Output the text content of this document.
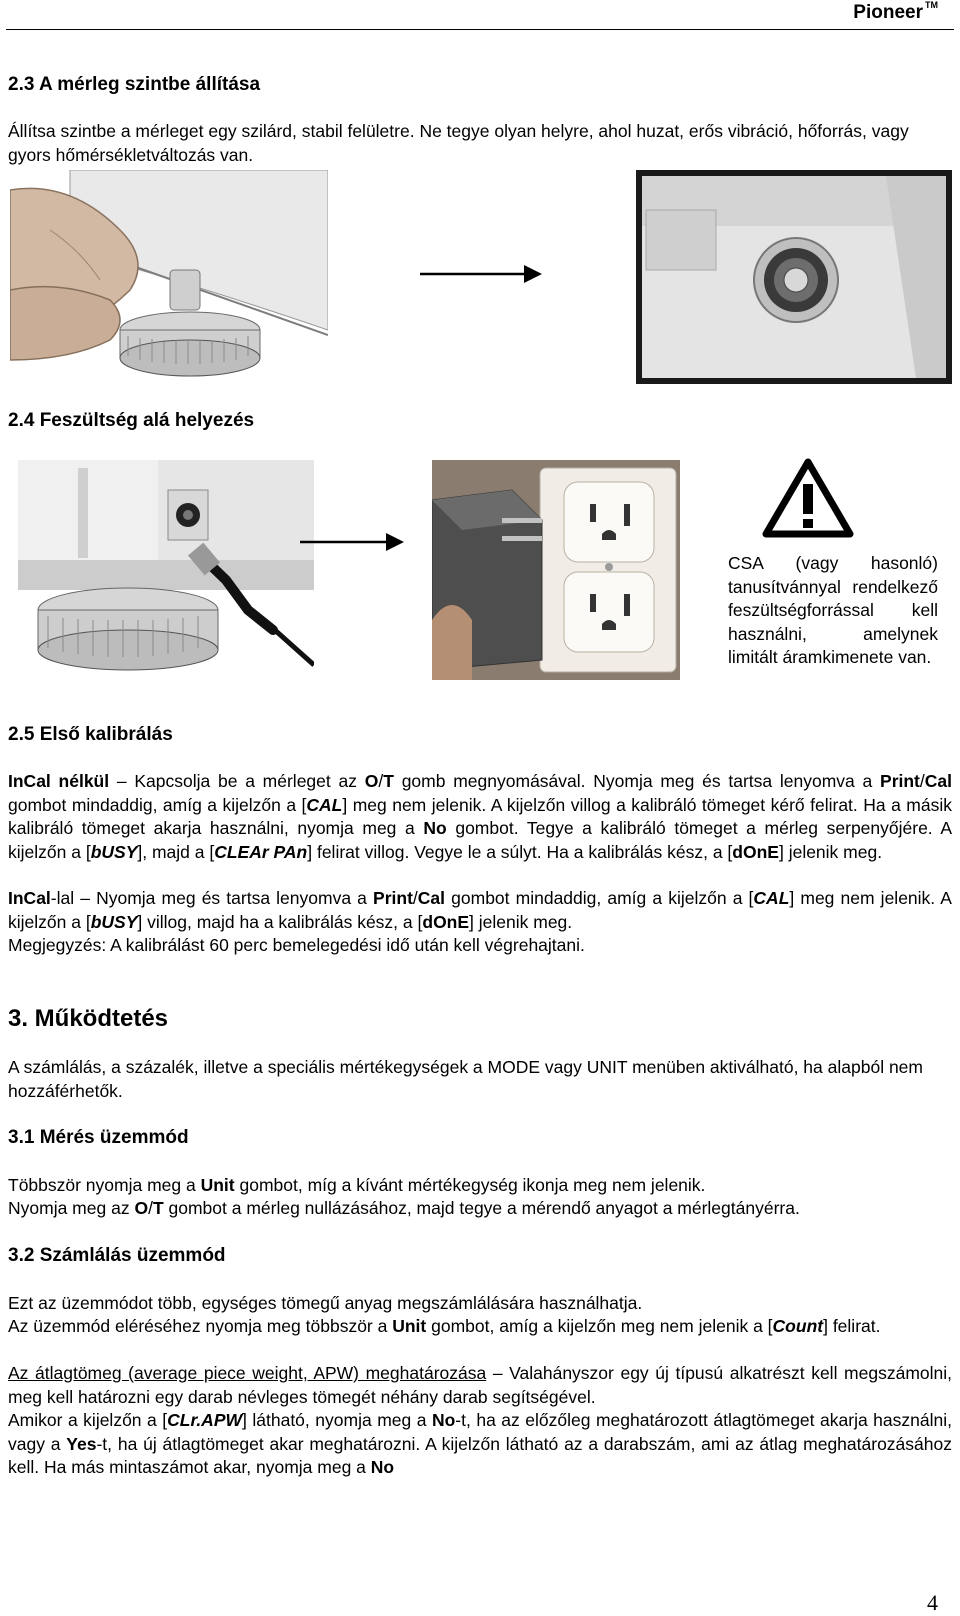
Pioneer ™
2.3 A mérleg szintbe állítása

Állítsa szintbe a mérleget egy szilárd, stabil felületre. Ne tegye olyan helyre, ahol huzat, erős vibráció, hőforrás, vagy gyors hőmérsékletváltozás van.

2.4 Feszültség alá helyezés

CSA (vagy hasonló) tanusítvánnyal rendelkező feszültségforrással kell használni, amelynek limitált áramkimenete van.

2.5 Első kalibrálás

InCal nélkül – Kapcsolja be a mérleget az O/T gomb megnyomásával. Nyomja meg és tartsa lenyomva a Print/Cal gombot mindaddig, amíg a kijelzőn a [CAL] meg nem jelenik. A kijelzőn villog a kalibráló tömeget kérő felirat. Ha a másik kalibráló tömeget akarja használni, nyomja meg a No gombot. Tegye a kalibráló tömeget a mérleg serpenyőjére. A kijelzőn a [bUSY], majd a [CLEAr PAn] felirat villog. Vegye le a súlyt. Ha a kalibrálás kész, a [dOnE] jelenik meg.

InCal-lal – Nyomja meg és tartsa lenyomva a Print/Cal gombot mindaddig, amíg a kijelzőn a [CAL] meg nem jelenik. A kijelzőn a [bUSY] villog, majd ha a kalibrálás kész, a [dOnE] jelenik meg.

Megjegyzés: A kalibrálást 60 perc bemelegedési idő után kell végrehajtani.

3. Működtetés

A számlálás, a százalék, illetve a speciális mértékegységek a MODE vagy UNIT menüben aktiválható, ha alapból nem hozzáférhetők.

3.1 Mérés üzemmód

Többször nyomja meg a Unit gombot, míg a kívánt mértékegység ikonja meg nem jelenik.

Nyomja meg az O/T gombot a mérleg nullázásához, majd tegye a mérendő anyagot a mérlegtányérra.

3.2 Számlálás üzemmód

Ezt az üzemmódot több, egységes tömegű anyag megszámlálására használhatja.

Az üzemmód eléréséhez nyomja meg többször a Unit gombot, amíg a kijelzőn meg nem jelenik a [Count] felirat.

Az átlagtömeg (average piece weight, APW) meghatározása – Valahányszor egy új típusú alkatrészt kell megszámolni, meg kell határozni egy darab névleges tömegét néhány darab segítségével.

Amikor a kijelzőn a [CLr.APW] látható, nyomja meg a No-t, ha az előzőleg meghatározott átlagtömeget akarja használni, vagy a Yes-t, ha új átlagtömeget akar meghatározni. A kijelzőn látható az a darabszám, ami az átlag meghatározásához kell. Ha más mintaszámot akar, nyomja meg a No

4
